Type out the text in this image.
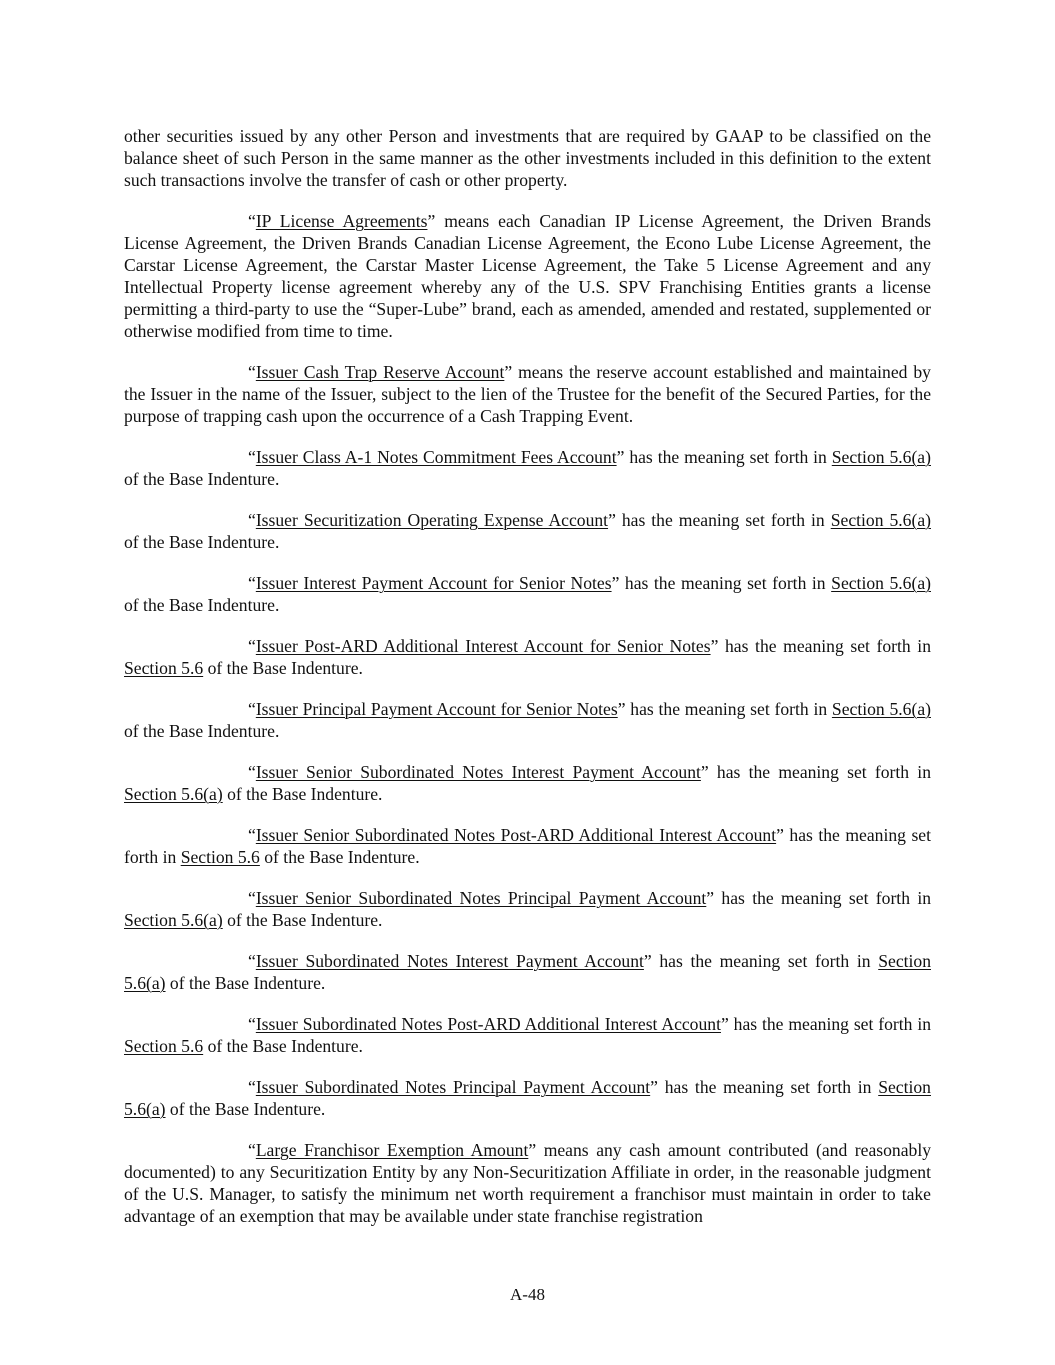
other securities issued by any other Person and investments that are required by GAAP to be classified on the balance sheet of such Person in the same manner as the other investments included in this definition to the extent such transactions involve the transfer of cash or other property.

“IP License Agreements” means each Canadian IP License Agreement, the Driven Brands License Agreement, the Driven Brands Canadian License Agreement, the Econo Lube License Agreement, the Carstar License Agreement, the Carstar Master License Agreement, the Take 5 License Agreement and any Intellectual Property license agreement whereby any of the U.S. SPV Franchising Entities grants a license permitting a third-party to use the “Super-Lube” brand, each as amended, amended and restated, supplemented or otherwise modified from time to time.

“Issuer Cash Trap Reserve Account” means the reserve account established and maintained by the Issuer in the name of the Issuer, subject to the lien of the Trustee for the benefit of the Secured Parties, for the purpose of trapping cash upon the occurrence of a Cash Trapping Event.

“Issuer Class A-1 Notes Commitment Fees Account” has the meaning set forth in Section 5.6(a) of the Base Indenture.

“Issuer Securitization Operating Expense Account” has the meaning set forth in Section 5.6(a) of the Base Indenture.

“Issuer Interest Payment Account for Senior Notes” has the meaning set forth in Section 5.6(a) of the Base Indenture.

“Issuer Post-ARD Additional Interest Account for Senior Notes” has the meaning set forth in Section 5.6 of the Base Indenture.

“Issuer Principal Payment Account for Senior Notes” has the meaning set forth in Section 5.6(a) of the Base Indenture.

“Issuer Senior Subordinated Notes Interest Payment Account” has the meaning set forth in Section 5.6(a) of the Base Indenture.

“Issuer Senior Subordinated Notes Post-ARD Additional Interest Account” has the meaning set forth in Section 5.6 of the Base Indenture.

“Issuer Senior Subordinated Notes Principal Payment Account” has the meaning set forth in Section 5.6(a) of the Base Indenture.

“Issuer Subordinated Notes Interest Payment Account” has the meaning set forth in Section 5.6(a) of the Base Indenture.

“Issuer Subordinated Notes Post-ARD Additional Interest Account” has the meaning set forth in Section 5.6 of the Base Indenture.

“Issuer Subordinated Notes Principal Payment Account” has the meaning set forth in Section 5.6(a) of the Base Indenture.

“Large Franchisor Exemption Amount” means any cash amount contributed (and reasonably documented) to any Securitization Entity by any Non-Securitization Affiliate in order, in the reasonable judgment of the U.S. Manager, to satisfy the minimum net worth requirement a franchisor must maintain in order to take advantage of an exemption that may be available under state franchise registration

A-48
